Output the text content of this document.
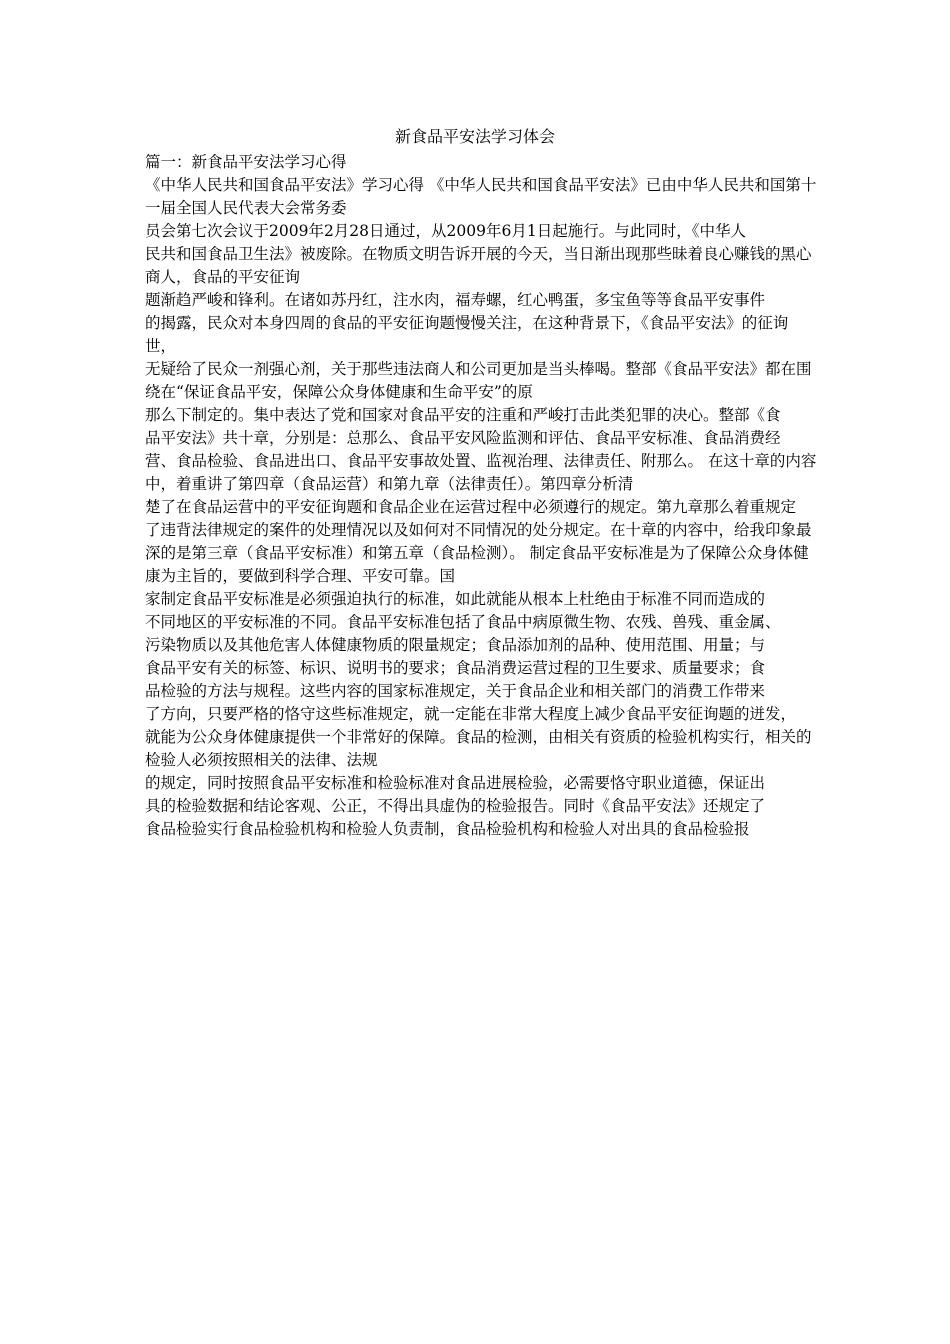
新食品平安法学习体会

篇一：新食品平安法学习心得

《中华人民共和国食品平安法》学习心得 《中华人民共和国食品平安法》已由中华人民共和国第十一届全国人民代表大会常务委

员会第七次会议于2009年2月28日通过，从2009年6月1日起施行。与此同时，《中华人

民共和国食品卫生法》被废除。在物质文明告诉开展的今天，当日渐出现那些昧着良心赚钱的黑心商人，食品的平安征询

题渐趋严峻和锋利。在诸如苏丹红，注水肉，福寿螺，红心鸭蛋，多宝鱼等等食品平安事件

的揭露，民众对本身四周的食品的平安征询题慢慢关注，在这种背景下，《食品平安法》的征询世，

无疑给了民众一剂强心剂，关于那些违法商人和公司更加是当头棒喝。整部《食品平安法》都在围绕在“保证食品平安，保障公众身体健康和生命平安”的原

那么下制定的。集中表达了党和国家对食品平安的注重和严峻打击此类犯罪的决心。整部《食

品平安法》共十章，分别是：总那么、食品平安风险监测和评估、食品平安标准、食品消费经

营、食品检验、食品进出口、食品平安事故处置、监视治理、法律责任、附那么。 在这十章的内容中，着重讲了第四章（食品运营）和第九章（法律责任）。第四章分析清

楚了在食品运营中的平安征询题和食品企业在运营过程中必须遵行的规定。第九章那么着重规定

了违背法律规定的案件的处理情况以及如何对不同情况的处分规定。在十章的内容中，给我印象最深的是第三章（食品平安标准）和第五章（食品检测）。 制定食品平安标准是为了保障公众身体健康为主旨的，要做到科学合理、平安可靠。国

家制定食品平安标准是必须强迫执行的标准，如此就能从根本上杜绝由于标准不同而造成的

不同地区的平安标准的不同。食品平安标准包括了食品中病原微生物、农残、兽残、重金属、

污染物质以及其他危害人体健康物质的限量规定；食品添加剂的品种、使用范围、用量；与

食品平安有关的标签、标识、说明书的要求；食品消费运营过程的卫生要求、质量要求；食

品检验的方法与规程。这些内容的国家标准规定，关于食品企业和相关部门的消费工作带来

了方向，只要严格的恪守这些标准规定，就一定能在非常大程度上减少食品平安征询题的迸发，

就能为公众身体健康提供一个非常好的保障。食品的检测，由相关有资质的检验机构实行，相关的检验人必须按照相关的法律、法规

的规定，同时按照食品平安标准和检验标准对食品进展检验，必需要恪守职业道德，保证出

具的检验数据和结论客观、公正，不得出具虚伪的检验报告。同时《食品平安法》还规定了

食品检验实行食品检验机构和检验人负责制，食品检验机构和检验人对出具的食品检验报
